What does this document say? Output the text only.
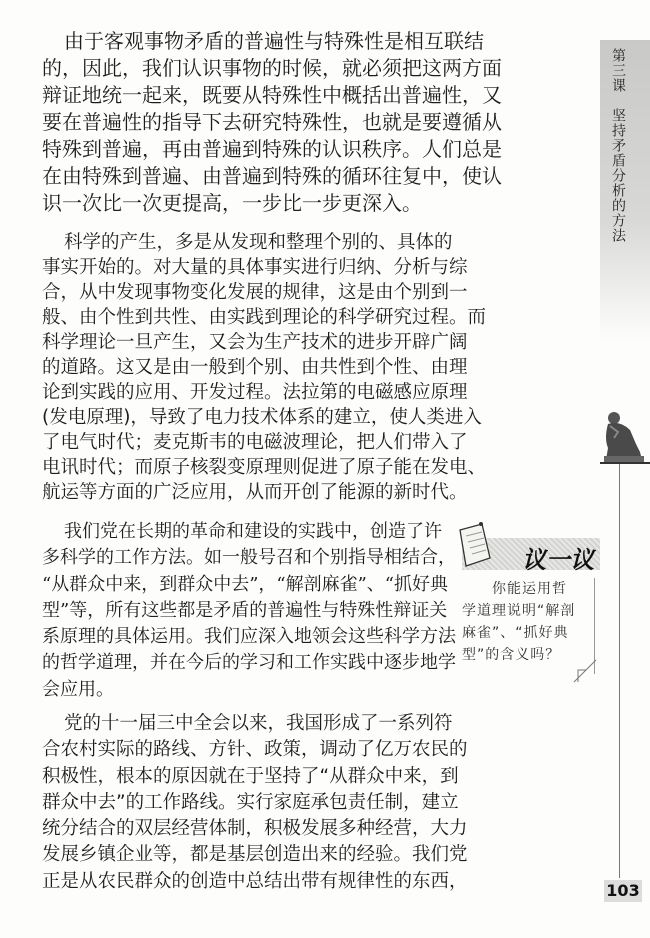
第三课　坚持矛盾分析的方法
由于客观事物矛盾的普遍性与特殊性是相互联结
的，因此，我们认识事物的时候，就必须把这两方面
辩证地统一起来，既要从特殊性中概括出普遍性，又
要在普遍性的指导下去研究特殊性，也就是要遵循从
特殊到普遍，再由普遍到特殊的认识秩序。人们总是
在由特殊到普遍、由普遍到特殊的循环往复中，使认
识一次比一次更提高，一步比一步更深入。
科学的产生，多是从发现和整理个别的、具体的
事实开始的。对大量的具体事实进行归纳、分析与综
合，从中发现事物变化发展的规律，这是由个别到一
般、由个性到共性、由实践到理论的科学研究过程。而
科学理论一旦产生，又会为生产技术的进步开辟广阔
的道路。这又是由一般到个别、由共性到个性、由理
论到实践的应用、开发过程。法拉第的电磁感应原理
(发电原理)，导致了电力技术体系的建立，使人类进入
了电气时代；麦克斯韦的电磁波理论，把人们带入了
电讯时代；而原子核裂变原理则促进了原子能在发电、
航运等方面的广泛应用，从而开创了能源的新时代。
我们党在长期的革命和建设的实践中，创造了许
多科学的工作方法。如一般号召和个别指导相结合，
“从群众中来，到群众中去”，“解剖麻雀”、“抓好典
型”等，所有这些都是矛盾的普遍性与特殊性辩证关
系原理的具体运用。我们应深入地领会这些科学方法
的哲学道理，并在今后的学习和工作实践中逐步地学
会应用。
党的十一届三中全会以来，我国形成了一系列符
合农村实际的路线、方针、政策，调动了亿万农民的
积极性，根本的原因就在于坚持了“从群众中来，到
群众中去”的工作路线。实行家庭承包责任制，建立
统分结合的双层经营体制，积极发展多种经营，大力
发展乡镇企业等，都是基层创造出来的经验。我们党
正是从农民群众的创造中总结出带有规律性的东西，
议一议
你能运用哲
学道理说明“解剖
麻雀”、“抓好典
型”的含义吗？
103
